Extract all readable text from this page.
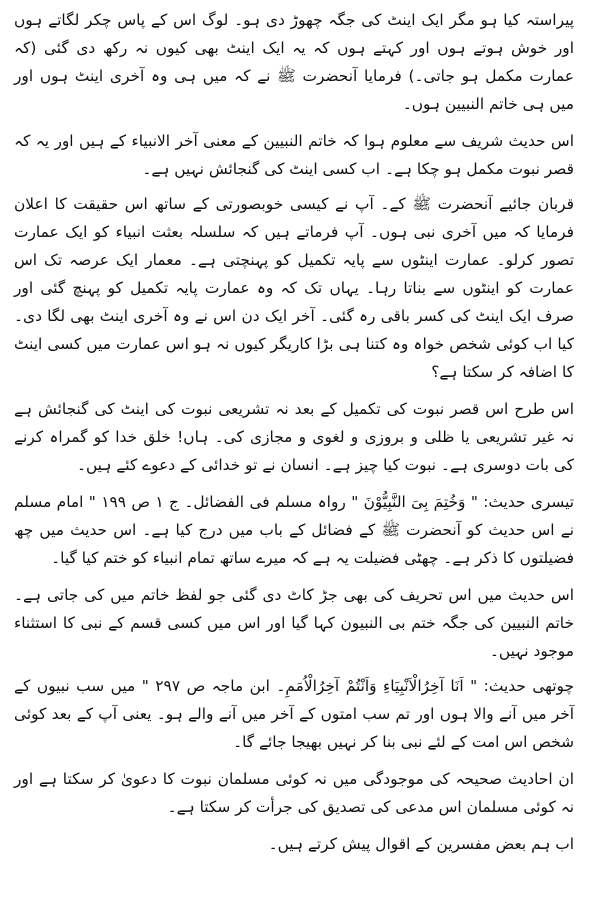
پیراستہ کیا ہو مگر ایک اینٹ کی جگہ چھوڑ دی ہو۔ لوگ اس کے پاس چکر لگاتے ہوں اور خوش ہوتے ہوں اور کہتے ہوں کہ یہ ایک اینٹ بھی کیوں نہ رکھ دی گئی (کہ عمارت مکمل ہو جاتی۔) فرمایا آنحضرت ﷺ نے کہ میں ہی وہ آخری اینٹ ہوں اور میں ہی خاتم النبیین ہوں۔

اس حدیث شریف سے معلوم ہوا کہ خاتم النبیین کے معنی آخر الانبیاء کے ہیں اور یہ کہ قصر نبوت مکمل ہو چکا ہے۔ اب کسی اینٹ کی گنجائش نہیں ہے۔

قربان جائیے آنحضرت ﷺ کے۔ آپ نے کیسی خوبصورتی کے ساتھ اس حقیقت کا اعلان فرمایا کہ میں آخری نبی ہوں۔ آپ فرماتے ہیں کہ سلسلہ بعثت انبیاء کو ایک عمارت تصور کرلو۔ عمارت اینٹوں سے پایہ تکمیل کو پہنچتی ہے۔ معمار ایک عرصہ تک اس عمارت کو اینٹوں سے بناتا رہا۔ یہاں تک کہ وہ عمارت پایہ تکمیل کو پہنچ گئی اور صرف ایک اینٹ کی کسر باقی رہ گئی۔ آخر ایک دن اس نے وہ آخری اینٹ بھی لگا دی۔ کیا اب کوئی شخص خواہ وہ کتنا ہی بڑا کاریگر کیوں نہ ہو اس عمارت میں کسی اینٹ کا اضافہ کر سکتا ہے؟

اس طرح اس قصر نبوت کی تکمیل کے بعد نہ تشریعی نبوت کی اینٹ کی گنجائش ہے نہ غیر تشریعی یا ظلی و بروزی و لغوی و مجازی کی۔ ہاں! خلق خدا کو گمراہ کرنے کی بات دوسری ہے۔ نبوت کیا چیز ہے۔ انسان نے تو خدائی کے دعوے کئے ہیں۔

تیسری حدیث: " وَخُتِمَ بِیَ النَّبِیُّوْنَ " رواہ مسلم فی الفضائل۔ ج ۱ ص ۱۹۹ " امام مسلم نے اس حدیث کو آنحضرت ﷺ کے فضائل کے باب میں درج کیا ہے۔ اس حدیث میں چھ فضیلتوں کا ذکر ہے۔ چھٹی فضیلت یہ ہے کہ میرے ساتھ تمام انبیاء کو ختم کیا گیا۔

اس حدیث میں اس تحریف کی بھی جڑ کاٹ دی گئی جو لفظ خاتم میں کی جاتی ہے۔ خاتم النبیین کی جگہ ختم بی النبیون کہا گیا اور اس میں کسی قسم کے نبی کا استثناء موجود نہیں۔

چوتھی حدیث: " اَنَا آخِرُالْاَنْبِیَاءِ وَاَنْتُمْ آخِرُالْاُمَمِ۔ ابن ماجہ ص ۲۹۷ " میں سب نبیوں کے آخر میں آنے والا ہوں اور تم سب امتوں کے آخر میں آنے والے ہو۔ یعنی آپ کے بعد کوئی شخص اس امت کے لئے نبی بنا کر نہیں بھیجا جائے گا۔

ان احادیث صحیحہ کی موجودگی میں نہ کوئی مسلمان نبوت کا دعویٰ کر سکتا ہے اور نہ کوئی مسلمان اس مدعی کی تصدیق کی جرأت کر سکتا ہے۔

اب ہم بعض مفسرین کے اقوال پیش کرتے ہیں۔
